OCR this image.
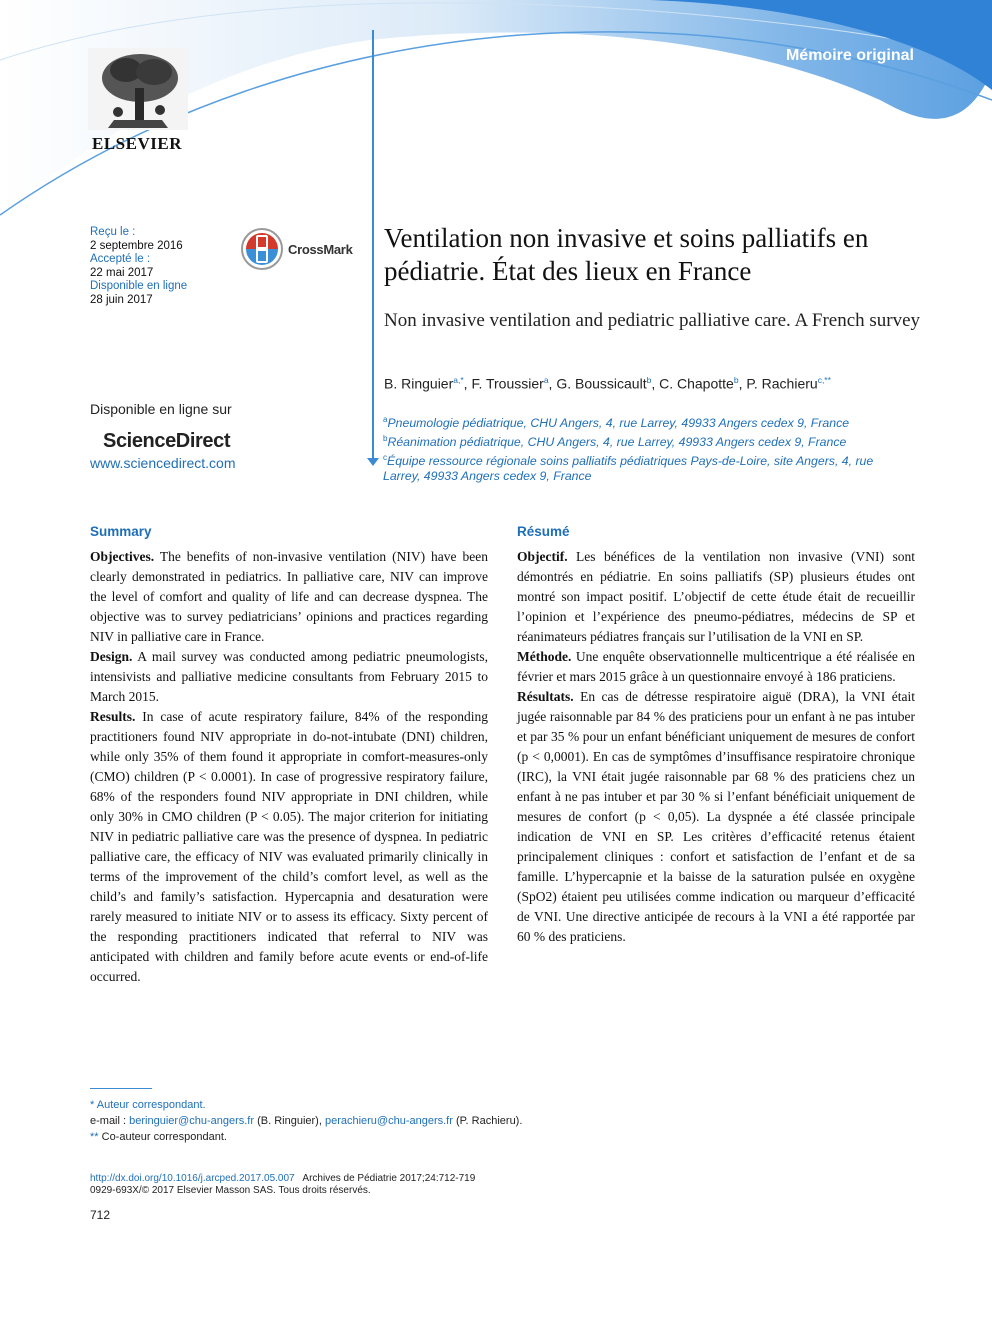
Mémoire original
ELSEVIER
Reçu le :
2 septembre 2016
Accepté le :
22 mai 2017
Disponible en ligne
28 juin 2017
CrossMark
Disponible en ligne sur
ScienceDirect
www.sciencedirect.com
Ventilation non invasive et soins palliatifs en pédiatrie. État des lieux en France
Non invasive ventilation and pediatric palliative care. A French survey
B. Ringuier$^{a,*}$, F. Troussier$^a$, G. Boussicault$^b$, C. Chapotte$^b$, P. Rachieru$^{c,**}$
$^a$Pneumologie pédiatrique, CHU Angers, 4, rue Larrey, 49933 Angers cedex 9, France
$^b$Réanimation pédiatrique, CHU Angers, 4, rue Larrey, 49933 Angers cedex 9, France
$^c$Équipe ressource régionale soins palliatifs pédiatriques Pays-de-Loire, site Angers, 4, rue Larrey, 49933 Angers cedex 9, France
Summary

Objectives. The benefits of non-invasive ventilation (NIV) have been clearly demonstrated in pediatrics. In palliative care, NIV can improve the level of comfort and quality of life and can decrease dyspnea. The objective was to survey pediatricians’ opinions and practices regarding NIV in palliative care in France.

Design. A mail survey was conducted among pediatric pneumologists, intensivists and palliative medicine consultants from February 2015 to March 2015.

Results. In case of acute respiratory failure, 84% of the responding practitioners found NIV appropriate in do-not-intubate (DNI) children, while only 35% of them found it appropriate in comfort-measures-only (CMO) children (P < 0.0001). In case of progressive respiratory failure, 68% of the responders found NIV appropriate in DNI children, while only 30% in CMO children (P < 0.05). The major criterion for initiating NIV in pediatric palliative care was the presence of dyspnea. In pediatric palliative care, the efficacy of NIV was evaluated primarily clinically in terms of the improvement of the child’s comfort level, as well as the child’s and family’s satisfaction. Hypercapnia and desaturation were rarely measured to initiate NIV or to assess its efficacy. Sixty percent of the responding practitioners indicated that referral to NIV was anticipated with children and family before acute events or end-of-life occurred.

Résumé

Objectif. Les bénéfices de la ventilation non invasive (VNI) sont démontrés en pédiatrie. En soins palliatifs (SP) plusieurs études ont montré son impact positif. L’objectif de cette étude était de recueillir l’opinion et l’expérience des pneumo-pédiatres, médecins de SP et réanimateurs pédiatres français sur l’utilisation de la VNI en SP.

Méthode. Une enquête observationnelle multicentrique a été réalisée en février et mars 2015 grâce à un questionnaire envoyé à 186 praticiens.

Résultats. En cas de détresse respiratoire aiguë (DRA), la VNI était jugée raisonnable par 84 % des praticiens pour un enfant à ne pas intuber et par 35 % pour un enfant bénéficiant uniquement de mesures de confort (p < 0,0001). En cas de symptômes d’insuffisance respiratoire chronique (IRC), la VNI était jugée raisonnable par 68 % des praticiens chez un enfant à ne pas intuber et par 30 % si l’enfant bénéficiait uniquement de mesures de confort (p < 0,05). La dyspnée a été classée principale indication de VNI en SP. Les critères d’efficacité retenus étaient principalement cliniques : confort et satisfaction de l’enfant et de sa famille. L’hypercapnie et la baisse de la saturation pulsée en oxygène (SpO2) étaient peu utilisées comme indication ou marqueur d’efficacité de VNI. Une directive anticipée de recours à la VNI a été rapportée par 60 % des praticiens.

* Auteur correspondant.
e-mail : beringuier@chu-angers.fr (B. Ringuier), perachieru@chu-angers.fr (P. Rachieru).
** Co-auteur correspondant.
http://dx.doi.org/10.1016/j.arcped.2017.05.007 Archives de Pédiatrie 2017;24:712-719
0929-693X/© 2017 Elsevier Masson SAS. Tous droits réservés.
712
